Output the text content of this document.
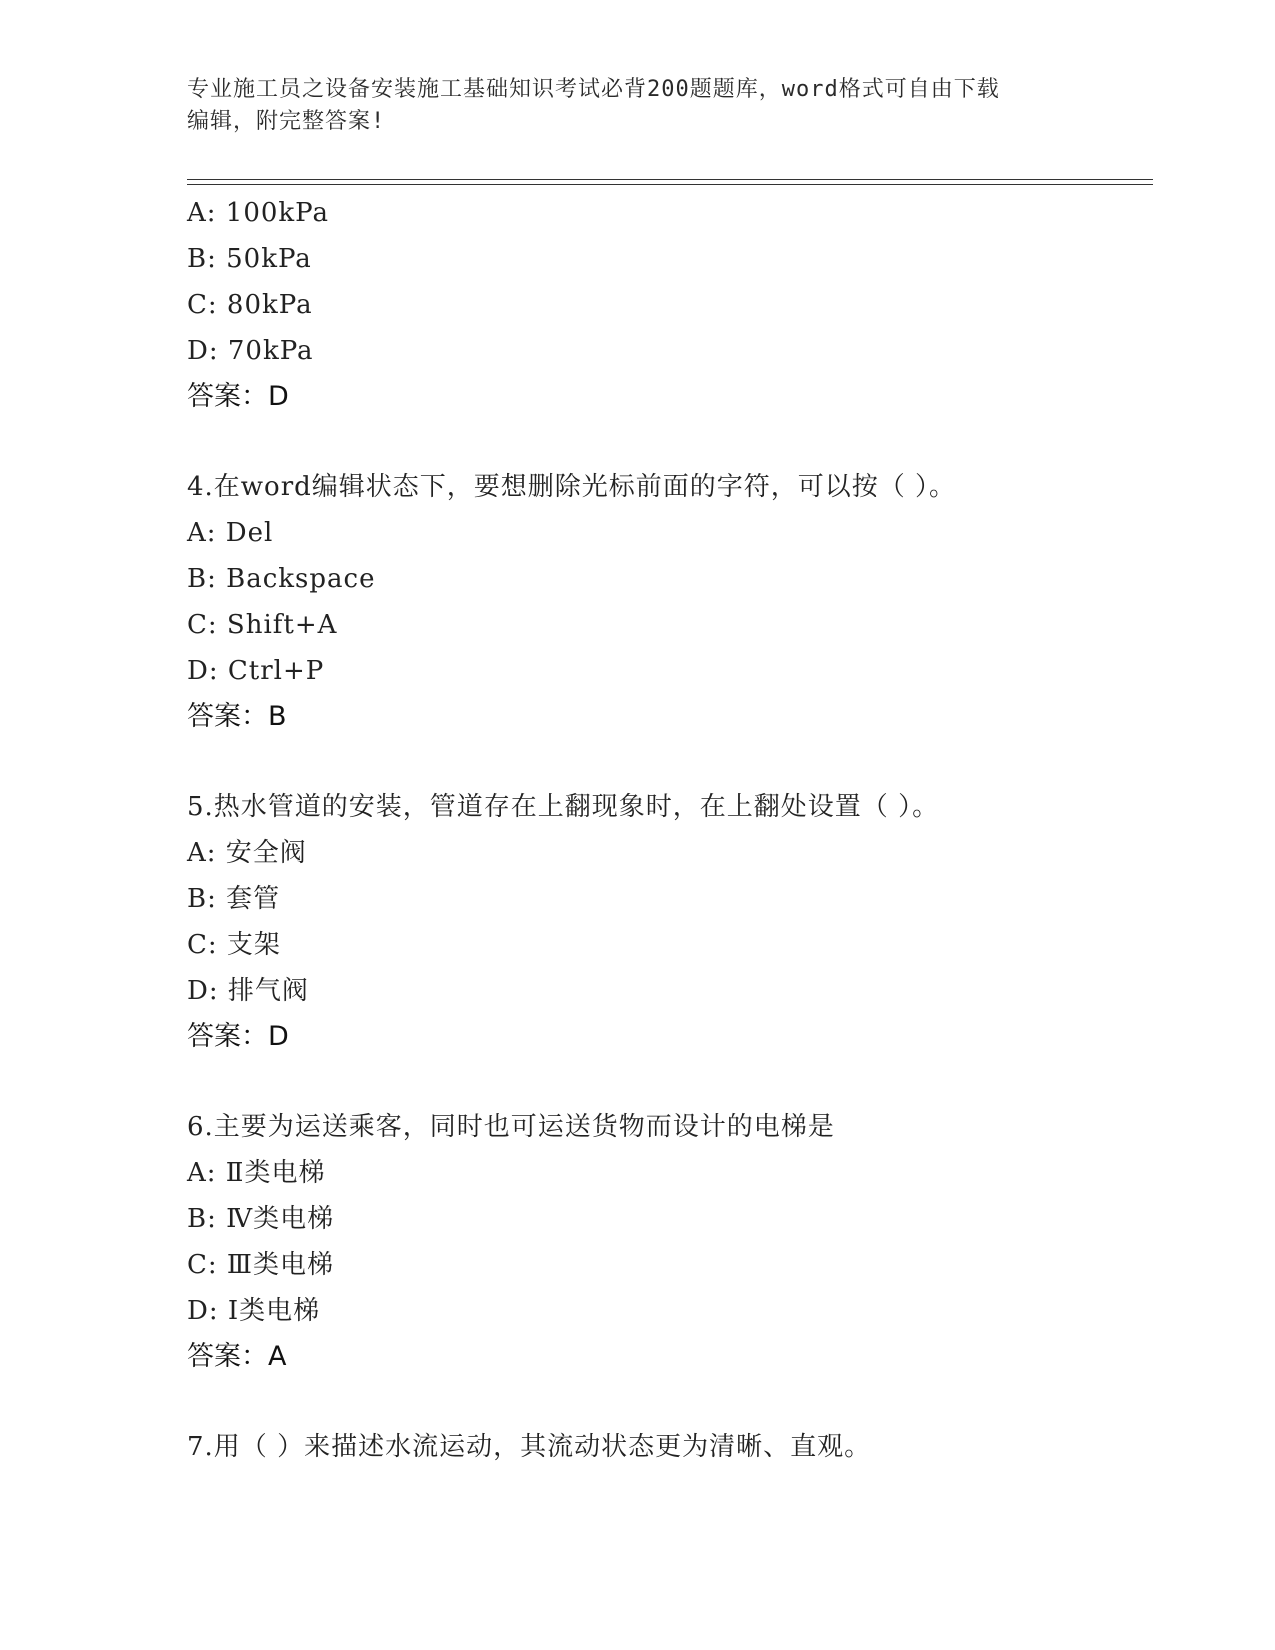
专业施工员之设备安装施工基础知识考试必背200题题库，word格式可自由下载
编辑，附完整答案!
A: 100kPa
B: 50kPa
C: 80kPa
D: 70kPa
答案：D
4.在word编辑状态下，要想删除光标前面的字符，可以按（ ）。
A: Del
B: Backspace
C: Shift+A
D: Ctrl+P
答案：B
5.热水管道的安装，管道存在上翻现象时，在上翻处设置（ ）。
A: 安全阀
B: 套管
C: 支架
D: 排气阀
答案：D
6.主要为运送乘客，同时也可运送货物而设计的电梯是
A: Ⅱ类电梯
B: Ⅳ类电梯
C: Ⅲ类电梯
D: Ⅰ类电梯
答案：A
7.用（ ）来描述水流运动，其流动状态更为清晰、直观。
